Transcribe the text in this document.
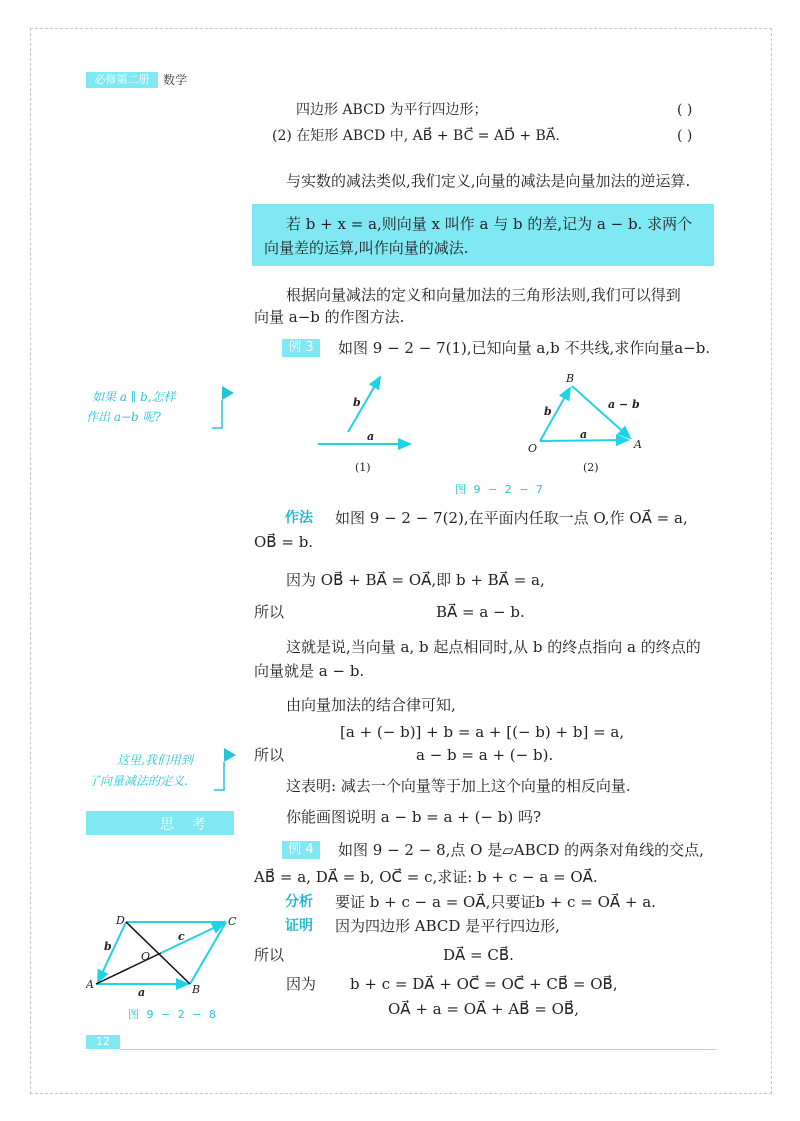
必修第二册	数学
四边形 ABCD 为平行四边形；	( )
(2) 在矩形 ABCD 中, AB⃗ + BC⃗ = AD⃗ + BA⃗.	( )
与实数的减法类似,我们定义,向量的减法是向量加法的逆运算.
若 b + x = a,则向量 x 叫作 a 与 b 的差,记为 a − b. 求两个
向量差的运算,叫作向量的减法.
根据向量减法的定义和向量加法的三角形法则,我们可以得到
向量 a−b 的作图方法.
例 3	如图 9 − 2 − 7(1),已知向量 a,b 不共线,求作向量a−b.
如果 a ∥ b,怎样
作出 a−b 呢?
b
a
(1)
B
O	A
b
a
a − b
(2)
图 9 − 2 − 7
作法 如图 9 − 2 − 7(2),在平面内任取一点 O,作 OA⃗ = a,
OB⃗ = b.
因为 OB⃗ + BA⃗ = OA⃗,即 b + BA⃗ = a,
所以	BA⃗ = a − b.
这就是说,当向量 a, b 起点相同时,从 b 的终点指向 a 的终点的
向量就是 a − b.
由向量加法的结合律可知,
[a + (− b)] + b = a + [(− b) + b] = a,
所以	a − b = a + (− b).
这里,我们用到
了向量减法的定义.	这表明: 减去一个向量等于加上这个向量的相反向量.
思    考	你能画图说明 a − b = a + (− b) 吗?
例 4	如图 9 − 2 − 8,点 O 是▱ABCD 的两条对角线的交点,
AB⃗ = a, DA⃗ = b, OC⃗ = c,求证: b + c − a = OA⃗.
分析 要证 b + c − a = OA⃗,只要证b + c = OA⃗ + a.
证明 因为四边形 ABCD 是平行四边形,
所以	DA⃗ = CB⃗.
因为 b + c = DA⃗ + OC⃗ = OC⃗ + CB⃗ = OB⃗,
OA⃗ + a = OA⃗ + AB⃗ = OB⃗,
D	C
A	B
O
b
c
a
图 9 − 2 − 8
12
